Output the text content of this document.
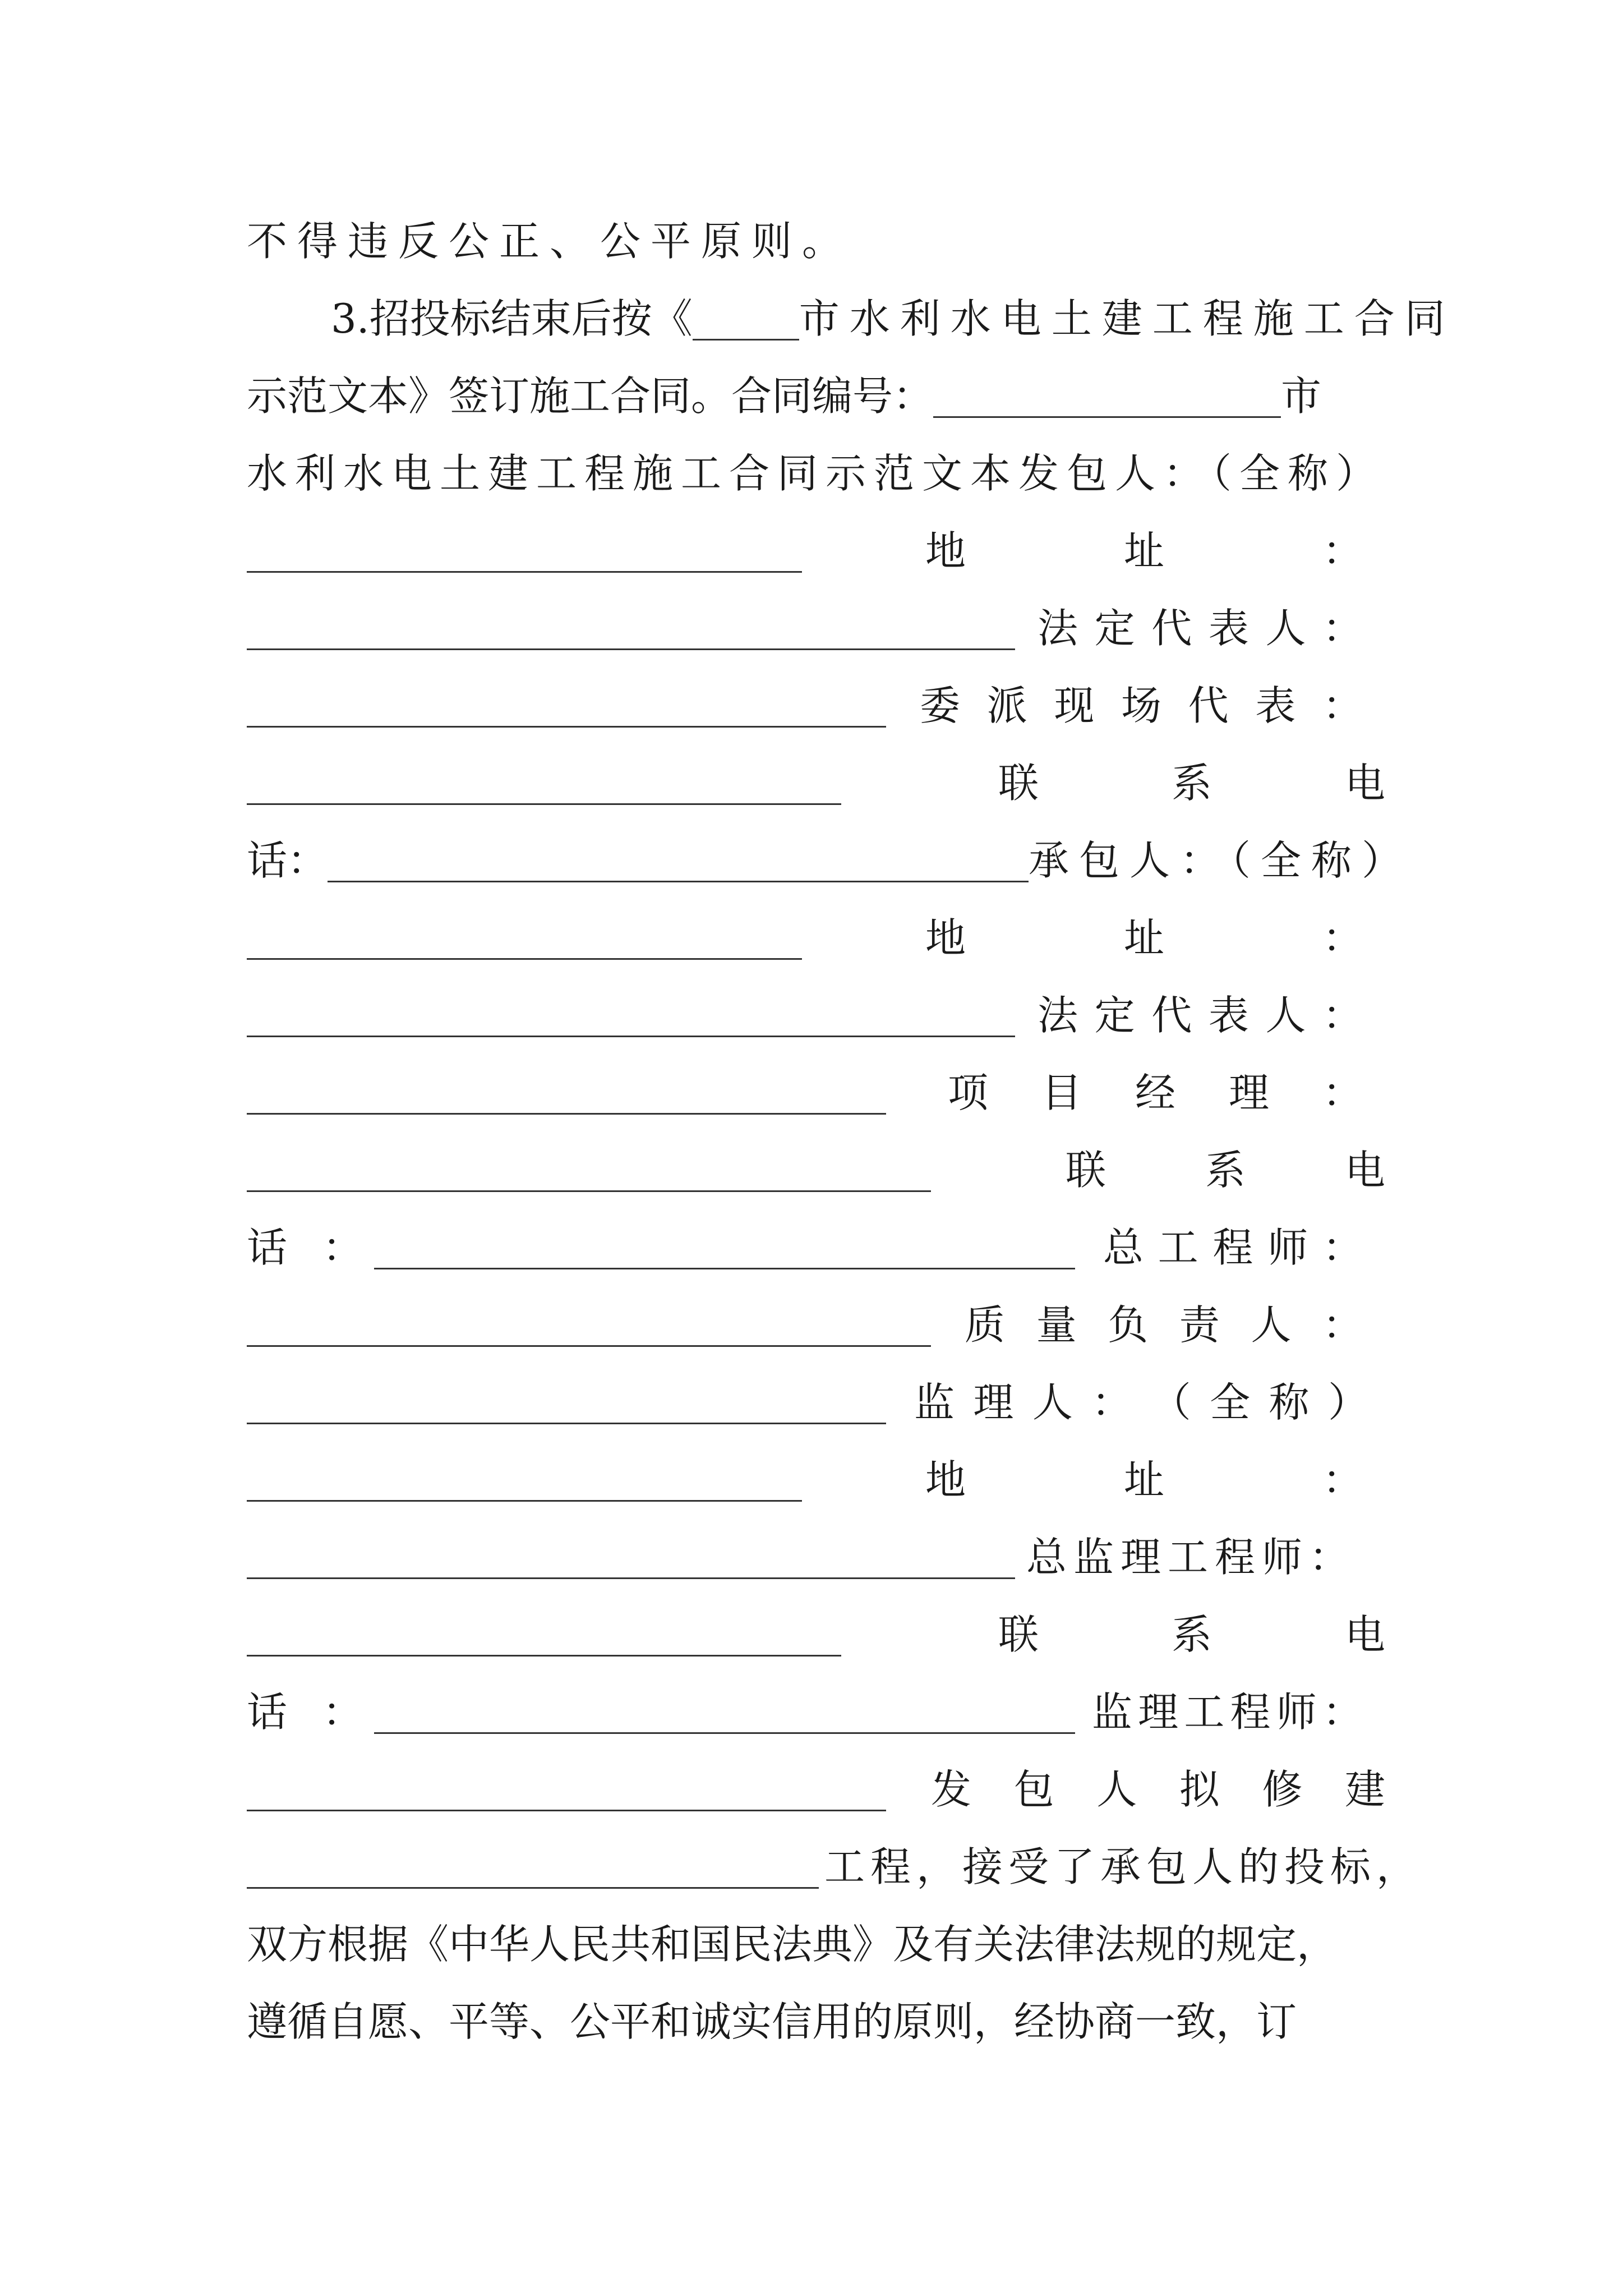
不得违反公正、公平原则。
3.招投标结束后按《	市水利水电土建工程施工合同
示范文本》签订施工合同。合同编号：	市
水利水电土建工程施工合同示范文本发包人：（全称）
地	址	：
法 定 代 表 人 ：
委 派 现 场 代 表 ：
联	系	电
话：	承包人：（全称）
地	址	：
法 定 代 表 人 ：
项 目 经 理 ：
联 系 电
话 ：	总 工 程 师 ：
质 量 负 责 人 ：
监 理 人 ： （ 全 称 ）
地	址	：
总监理工程师：
联	系	电
话 ：	监 理 工 程 师 ：
发 包 人 拟 修 建
工程，接受了承包人的投标，
双方根据《中华人民共和国民法典》及有关法律法规的规定，
遵循自愿、平等、公平和诚实信用的原则，经协商一致，订
